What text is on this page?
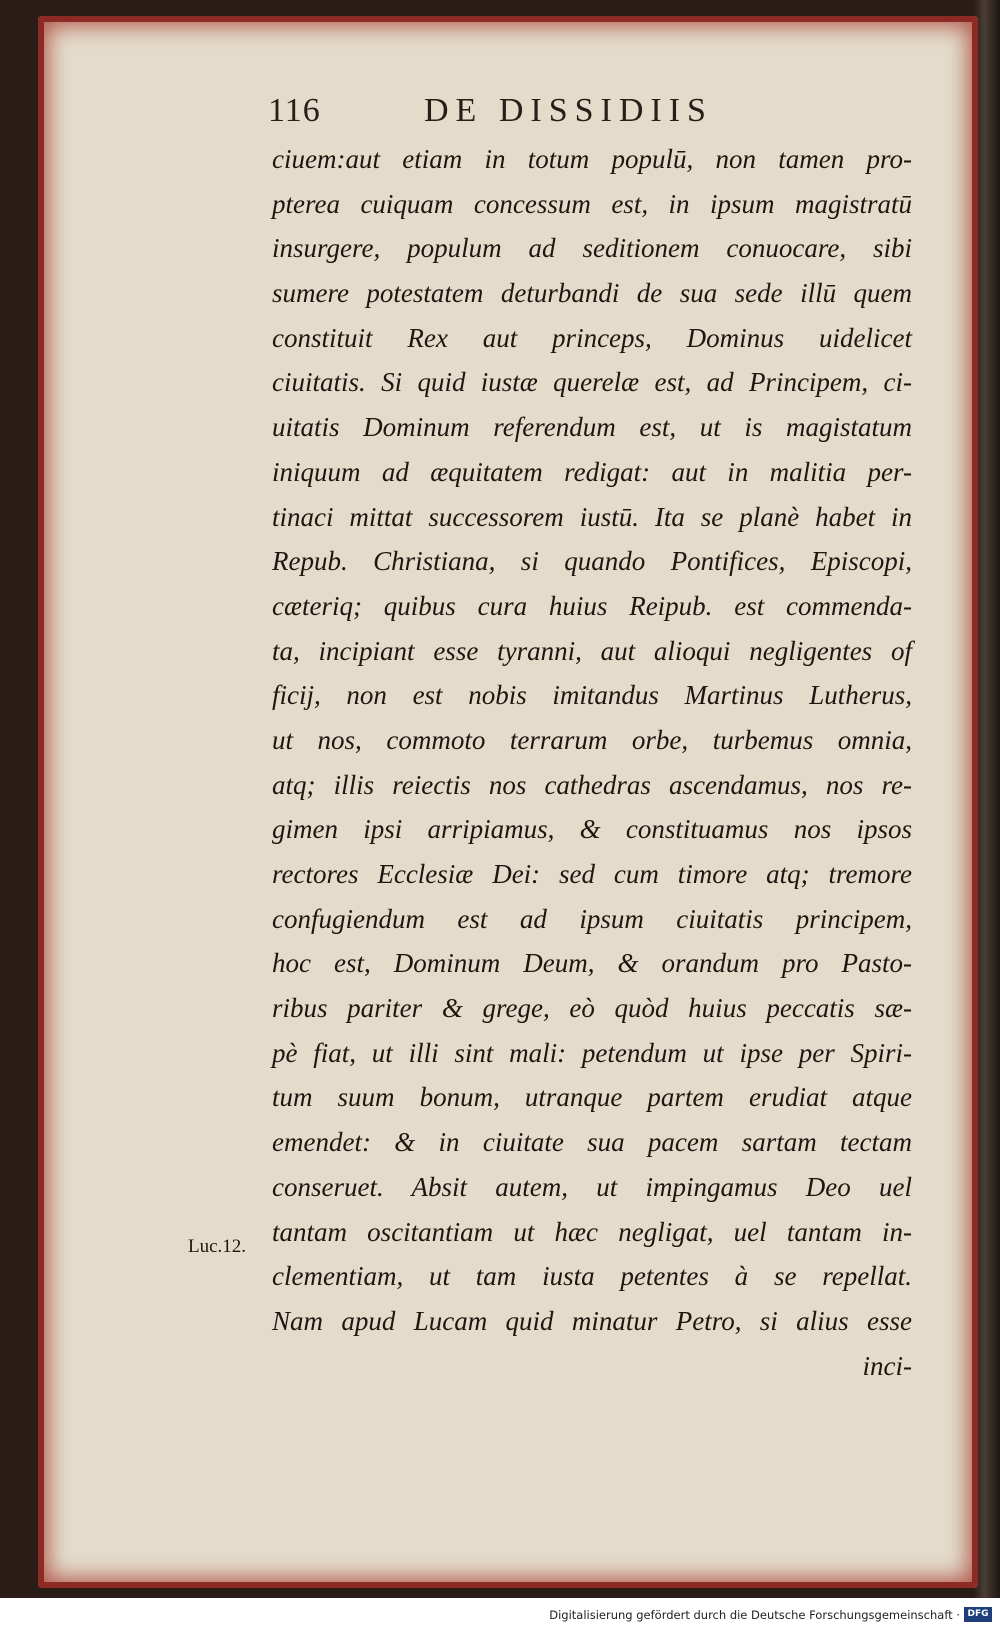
116	DE DISSIDIIS
ciuem:aut etiam in totum populū, non tamen pro-
pterea cuiquam concessum est, in ipsum magistratū
insurgere, populum ad seditionem conuocare, sibi
sumere potestatem deturbandi de sua sede illū quem
constituit Rex aut princeps, Dominus uidelicet
ciuitatis. Si quid iustæ querelæ est, ad Principem, ci-
uitatis Dominum referendum est, ut is magistatum
iniquum ad æquitatem redigat: aut in malitia per-
tinaci mittat successorem iustū. Ita se planè habet in
Repub. Christiana, si quando Pontifices, Episcopi,
cæteriq; quibus cura huius Reipub. est commenda-
ta, incipiant esse tyranni, aut alioqui negligentes of
ficij, non est nobis imitandus Martinus Lutherus,
ut nos, commoto terrarum orbe, turbemus omnia,
atq; illis reiectis nos cathedras ascendamus, nos re-
gimen ipsi arripiamus, & constituamus nos ipsos
rectores Ecclesiæ Dei: sed cum timore atq; tremore
confugiendum est ad ipsum ciuitatis principem,
hoc est, Dominum Deum, & orandum pro Pasto-
ribus pariter & grege, eò quòd huius peccatis sæ-
pè fiat, ut illi sint mali: petendum ut ipse per Spiri-
tum suum bonum, utranque partem erudiat atque
emendet: & in ciuitate sua pacem sartam tectam
conseruet. Absit autem, ut impingamus Deo uel
tantam oscitantiam ut hæc negligat, uel tantam in-
clementiam, ut tam iusta petentes à se repellat.
Nam apud Lucam quid minatur Petro, si alius esse
inci-
Luc.12.
Digitalisierung gefördert durch die Deutsche Forschungsgemeinschaft · DFG
